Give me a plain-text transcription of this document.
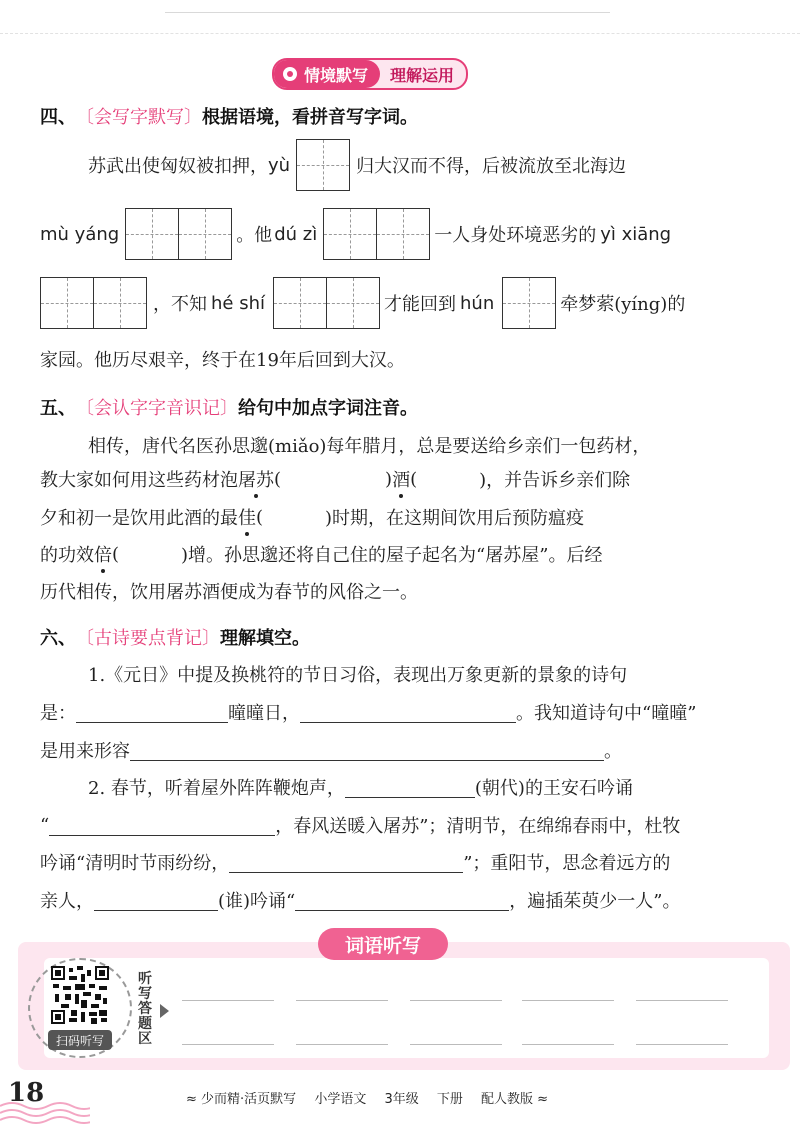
情境默写	理解运用
四、 〔会写字默写〕 根据语境，看拼音写字词。
苏武出使匈奴被扣押， yù	归大汉而不得，后被流放至北海边
mù yáng	。他 dú zì	一人身处环境恶劣的 yì xiāng
，不知 hé shí	才能回到 hún	牵梦萦(yíng)的
家园。他历尽艰辛，终于在19年后回到大汉。
五、 〔会认字字音识记〕 给句中加点字词注音。
相传，唐代名医孙思邈(miǎo)每年腊月，总是要送给乡亲们一包药材，
教大家如何用这些药材泡 屠苏 (	) 酒 (	)，并告诉乡亲们除
夕和初一是饮用此酒的最 佳 (	)时期，在这期间饮用后预防瘟疫
的功效 倍 (	)增。孙思邈还将自己住的屋子起名为“屠苏屋”。后经
历代相传，饮用屠苏酒便成为春节的风俗之一。
六、 〔古诗要点背记〕 理解填空。
1.《元日》中提及换桃符的节日习俗，表现出万象更新的景象的诗句
是：	曈曈日，	。我知道诗句中“曈曈”
是用来形容	。
2. 春节，听着屋外阵阵鞭炮声，	(朝代)的王安石吟诵
“	，春风送暖入屠苏”；清明节，在绵绵春雨中，杜牧
吟诵“清明时节雨纷纷，	”；重阳节，思念着远方的
亲人，	(谁)吟诵“	，遍插茱萸少一人”。
词语听写
扫码听写
听写答题区
18	≈ 少而精·活页默写 小学语文 3年级 下册 配人教版 ≈
